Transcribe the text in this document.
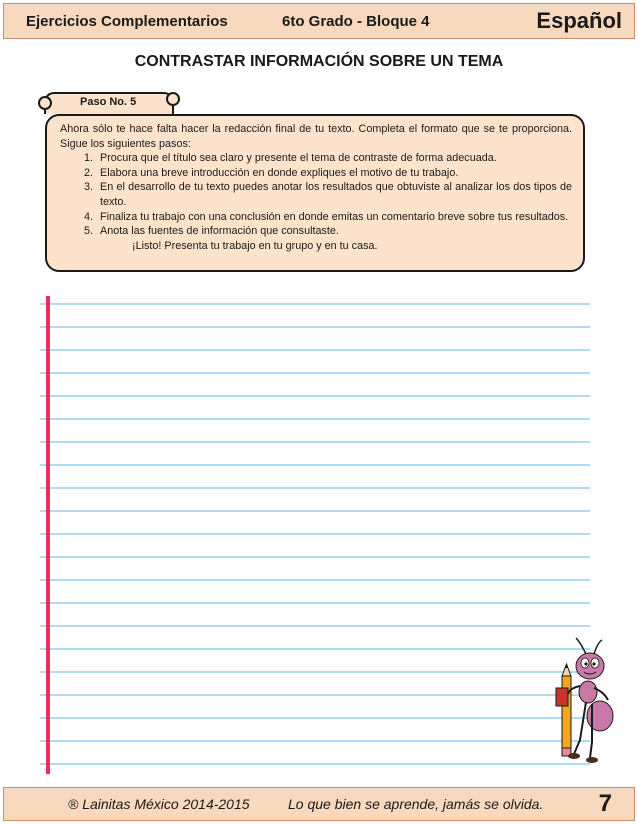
Ejercicios Complementarios	6to Grado - Bloque 4	Español
CONTRASTAR INFORMACIÓN SOBRE UN TEMA
Paso No. 5
Ahora sólo te hace falta hacer la redacción final de tu texto. Completa el formato que se te proporciona. Sigue los siguientes pasos:
1. Procura que el título sea claro y presente el tema de contraste de forma adecuada.
2. Elabora una breve introducción en donde expliques el motivo de tu trabajo.
3. En el desarrollo de tu texto puedes anotar los resultados que obtuviste al analizar los dos tipos de texto.
4. Finaliza tu trabajo con una conclusión en donde emitas un comentario breve sobre tus resultados.
5. Anota las fuentes de información que consultaste.
¡Listo! Presenta tu trabajo en tu grupo y en tu casa.
® Lainitas México 2014-2015	Lo que bien se aprende, jamás se olvida. 7
